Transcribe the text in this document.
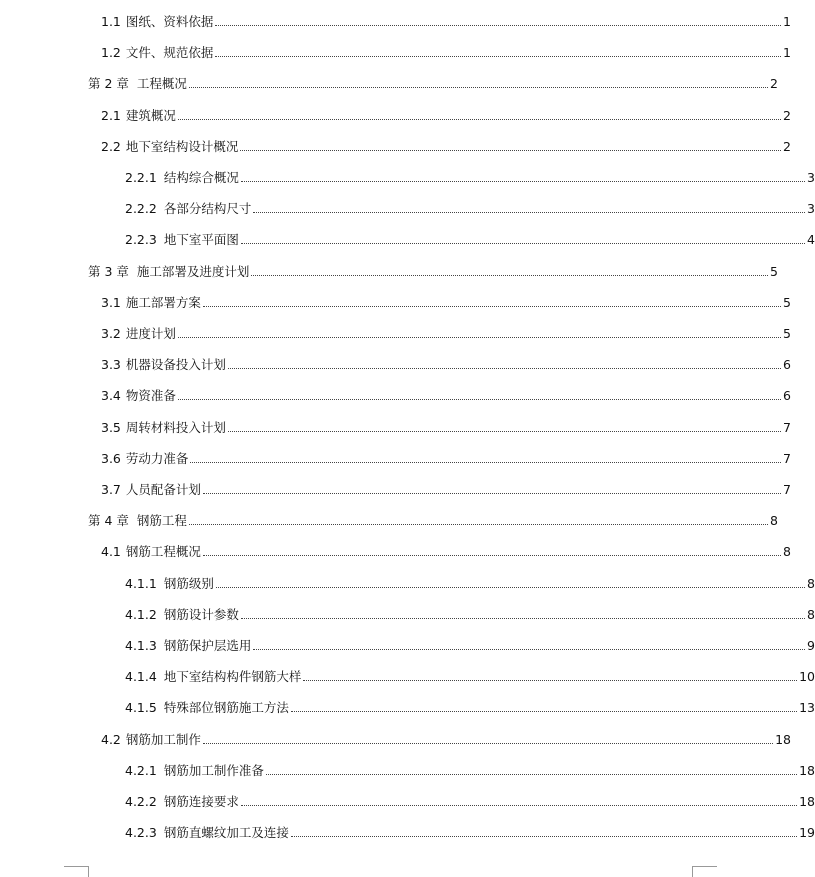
1.1 图纸、资料依据	1
1.2 文件、规范依据	1
第 2 章 工程概况	2
2.1 建筑概况	2
2.2 地下室结构设计概况	2
2.2.1 结构综合概况	3
2.2.2 各部分结构尺寸	3
2.2.3 地下室平面图	4
第 3 章 施工部署及进度计划	5
3.1 施工部署方案	5
3.2 进度计划	5
3.3 机器设备投入计划	6
3.4 物资准备	6
3.5 周转材料投入计划	7
3.6 劳动力准备	7
3.7 人员配备计划	7
第 4 章 钢筋工程	8
4.1 钢筋工程概况	8
4.1.1 钢筋级别	8
4.1.2 钢筋设计参数	8
4.1.3 钢筋保护层选用	9
4.1.4 地下室结构构件钢筋大样	10
4.1.5 特殊部位钢筋施工方法	13
4.2 钢筋加工制作	18
4.2.1 钢筋加工制作准备	18
4.2.2 钢筋连接要求	18
4.2.3 钢筋直螺纹加工及连接	19
